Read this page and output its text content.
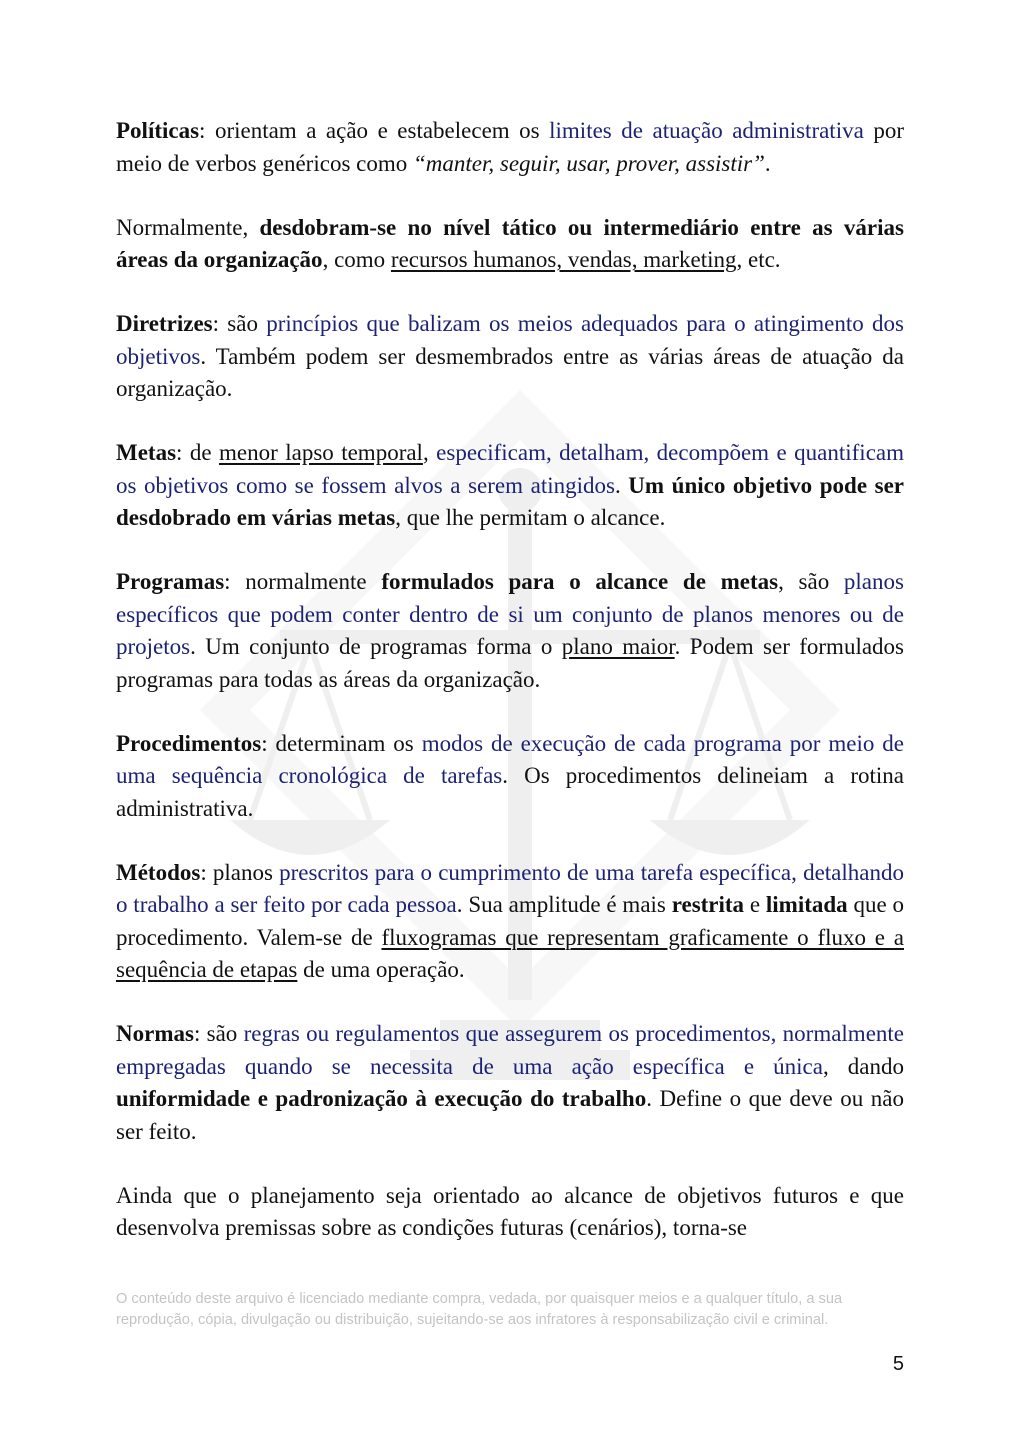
Políticas: orientam a ação e estabelecem os limites de atuação administrativa por meio de verbos genéricos como “manter, seguir, usar, prover, assistir”.

Normalmente, desdobram-se no nível tático ou intermediário entre as várias áreas da organização, como recursos humanos, vendas, marketing, etc.

Diretrizes: são princípios que balizam os meios adequados para o atingimento dos objetivos. Também podem ser desmembrados entre as várias áreas de atuação da organização.

Metas: de menor lapso temporal, especificam, detalham, decompõem e quantificam os objetivos como se fossem alvos a serem atingidos. Um único objetivo pode ser desdobrado em várias metas, que lhe permitam o alcance.

Programas: normalmente formulados para o alcance de metas, são planos específicos que podem conter dentro de si um conjunto de planos menores ou de projetos. Um conjunto de programas forma o plano maior. Podem ser formulados programas para todas as áreas da organização.

Procedimentos: determinam os modos de execução de cada programa por meio de uma sequência cronológica de tarefas. Os procedimentos delineiam a rotina administrativa.

Métodos: planos prescritos para o cumprimento de uma tarefa específica, detalhando o trabalho a ser feito por cada pessoa. Sua amplitude é mais restrita e limitada que o procedimento. Valem-se de fluxogramas que representam graficamente o fluxo e a sequência de etapas de uma operação.

Normas: são regras ou regulamentos que assegurem os procedimentos, normalmente empregadas quando se necessita de uma ação específica e única, dando uniformidade e padronização à execução do trabalho. Define o que deve ou não ser feito.

Ainda que o planejamento seja orientado ao alcance de objetivos futuros e que desenvolva premissas sobre as condições futuras (cenários), torna-se

O conteúdo deste arquivo é licenciado mediante compra, vedada, por quaisquer meios e a qualquer título, a sua reprodução, cópia, divulgação ou distribuição, sujeitando-se aos infratores à responsabilização civil e criminal.
5
